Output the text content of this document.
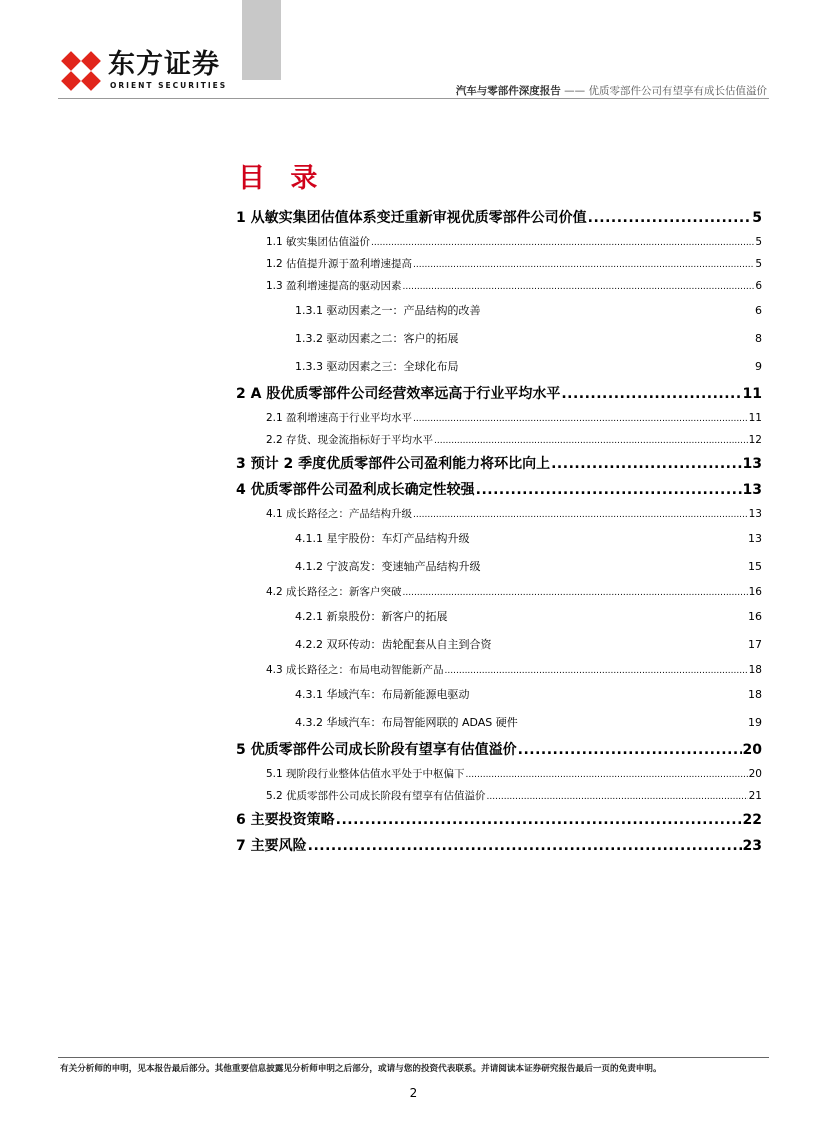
东方证券
ORIENT SECURITIES	汽车与零部件深度报告 —— 优质零部件公司有望享有成长估值溢价
目 录
1 从敏实集团估值体系变迁重新审视优质零部件公司价值 .....	5
1.1 敏实集团估值溢价 .....	5
1.2 估值提升源于盈利增速提高 .....	5
1.3 盈利增速提高的驱动因素 .....	6
1.3.1 驱动因素之一：产品结构的改善	6
1.3.2 驱动因素之二：客户的拓展	8
1.3.3 驱动因素之三：全球化布局	9
2 A 股优质零部件公司经营效率远高于行业平均水平 .....	11
2.1 盈利增速高于行业平均水平 .....	11
2.2 存货、现金流指标好于平均水平 .....	12
3 预计 2 季度优质零部件公司盈利能力将环比向上 .....	13
4 优质零部件公司盈利成长确定性较强 .....	13
4.1 成长路径之：产品结构升级 .....	13
4.1.1 星宇股份：车灯产品结构升级	13
4.1.2 宁波高发：变速轴产品结构升级	15
4.2 成长路径之：新客户突破 .....	16
4.2.1 新泉股份：新客户的拓展	16
4.2.2 双环传动：齿轮配套从自主到合资	17
4.3 成长路径之：布局电动智能新产品 .....	18
4.3.1 华域汽车：布局新能源电驱动	18
4.3.2 华域汽车：布局智能网联的 ADAS 硬件	19
5 优质零部件公司成长阶段有望享有估值溢价 .....	20
5.1 现阶段行业整体估值水平处于中枢偏下 .....	20
5.2 优质零部件公司成长阶段有望享有估值溢价 .....	21
6 主要投资策略 .....	22
7 主要风险 .....	23
有关分析师的申明，见本报告最后部分。其他重要信息披露见分析师申明之后部分，或请与您的投资代表联系。并请阅读本证券研究报告最后一页的免责申明。
2
